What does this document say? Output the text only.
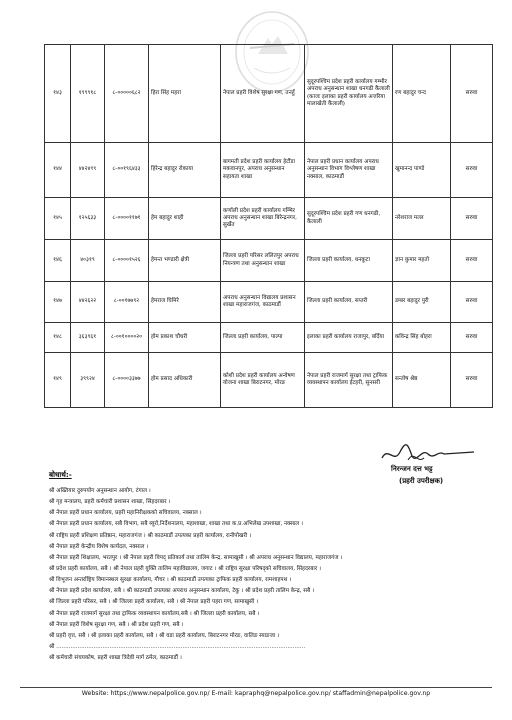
१४३	१९९९१८	८-०००००६८२	हिरा सिंह महरा	नेपाल प्रहरी विशेष सुरक्षा गण, तनहुँ	सुदूरपश्चिम प्रदेश प्रहरी कार्यालय गम्भीर अपराध अनुसन्धान शाखा धनगढी कैलाली (काजः इलाका प्रहरी कार्यालय अत्तरिया मालाखेती कैलाली)	रण बहादुर चन्द	सरुवा
१४४	४४२४९९	८-००१९६४३३	हिरेन्द्र बहादुर रोकाया	बागमती प्रदेश प्रहरी कार्यालय हेटौंडा मकवानपुर, अपराध अनुसन्धान सहायता शाखा	नेपाल प्रहरी प्रधान कार्यालय अपराध अनुसन्धान विभाग विश्लेषण शाखा नक्साल, काठमाडौं	खुमानन्द पाण्डे	सरुवा
१४५	१२५६३३	८-००००११७१	हेम बहादुर शाही	कर्णाली प्रदेश प्रहरी कार्यालय गम्भिर अपराध अनुसन्धान शाखा बिरेन्द्रनगर, सुर्खेत	सुदूरपश्चिम प्रदेश प्रहरी गण धनगढी, कैलाली	नरेशराज मल्ल	सरुवा
१४६	४०३१९	८-००००१५२६	हेमन्त भण्डारी क्षेत्री	जिल्ला प्रहरी परिसर ललितपुर अपराध नियन्त्रण तथा अनुसन्धान शाखा	जिल्ला प्रहरी कार्यालय, धनकुटा	ज्ञान कुमार महतो	सरुवा
१४७	४४२६२२	८-००१७७९२	हेमराज घिमिरे	अपराध अनुसन्धान विद्यालय प्रशासन शाखा महाराजगंज, काठमाडौं	जिल्ला प्रहरी कार्यालय, सप्तरी	डम्बर बहादुर पुरी	सरुवा
१४८	३६३९६१	८-००१००००२०	होम प्रकाश चौधरी	जिल्ला प्रहरी कार्यालय, पाल्पा	इलाका प्रहरी कार्यालय राजापुर, बर्दिया	कविन्द्र सिंह बोहरा	सरुवा
१४९	३९९२४	८-००००३३७७	होम प्रसाद अधिकारी	कोशी प्रदेश प्रहरी कार्यालय अन्वेषण योजना शाखा बिराटनगर, मोरङ	नेपाल प्रहरी राजमार्ग सुरक्षा तथा ट्राफिक व्यवस्थापन कार्यालय ईटहरी, सुनसरी	सन्तोष श्रेष्ठ	सरुवा
निरन्जन दत्त भट्ट
(प्रहरी उपरीक्षक)
बोधार्थ:-
श्री अख्तियार दुरुपयोग अनुसन्धान आयोग, टंगाल ।
श्री गृह मन्त्रालय, प्रहरी कर्मचारी प्रशासन शाखा, सिंहदरबार ।
श्री नेपाल प्रहरी प्रधान कार्यालय, प्रहरी महानिरीक्षकको सचिवालय, नक्साल ।
श्री नेपाल प्रहरी प्रधान कार्यालय, सबै विभाग, सबै ब्यूरो,निर्देशनालय, महाशाखा, शाखा तथा क.प्र.अभिलेख उपशाखा, नक्साल ।
श्री राष्ट्रिय प्रहरी प्रशिक्षण प्रतिष्ठान, महाराजगंज । श्री काठमाडौं उपत्यका प्रहरी कार्यालय, रानीपोखरी ।
श्री नेपाल प्रहरी केन्द्रीय विशेष कार्यदल, नक्साल ।
श्री नेपाल प्रहरी शिक्षालय, भरतपुर । श्री नेपाल प्रहरी विपद् प्रतिकार्य तथा तालिम केन्द्र, सामाखुसी । श्री अपराध अनुसन्धान विद्यालय, महाराजगंज ।
श्री प्रदेश प्रहरी कार्यालय, सबै । श्री नेपाल प्रहरी युक्ति तालिम महाविद्यालय, जगाट । श्री राष्ट्रिय सुरक्षा परिषद्को सचिवालय, सिंहदरबार ।
श्री विभूजन अन्तर्राष्ट्रिय विमानस्थल सुरक्षा कार्यालय, गौचर । श्री काठमाडौं उपत्यका ट्राफिक प्रहरी कार्यालय, रामशाहपथ ।
श्री नेपाल प्रहरी प्रदेश कार्यालय, सबै । श्री काठमाडौं उपत्यका अपराध अनुसन्धान कार्यालय, टेकु । श्री प्रदेश प्रहरी तालिम केन्द्र, सबै ।
श्री जिल्ला प्रहरी परिसर, सबै । श्री जिल्ला प्रहरी कार्यालय, सबै । श्री नेपाल प्रहरी पहरा गण, सामाखुसी ।
श्री नेपाल प्रहरी राजमार्ग सुरक्षा तथा ट्राफिक व्यवस्थापन कार्यालय,सबै । श्री जिल्ला प्रहरी कार्यालय, सबै ।
श्री नेपाल प्रहरी विशेष सुरक्षा गण, सबै । श्री प्रदेश प्रहरी गण, सबै ।
श्री प्रहरी वृत्त, सबै । श्री इलाका प्रहरी कार्यालय, सबै । श्री वडा प्रहरी कार्यालय, बिराटनगर मोरङ, वालिङ स्याङजा ।
श्री ............................................................................................................................................
श्री कर्मचारी संचयकोष, प्रहरी शाखा त्रिदेवी मार्ग ठमेल, काठमाडौं ।
Website: https://www.nepalpolice.gov.np/ E-mail: kapraphq@nepalpolice.gov.np/ staffadmin@nepalpolice.gov.np
